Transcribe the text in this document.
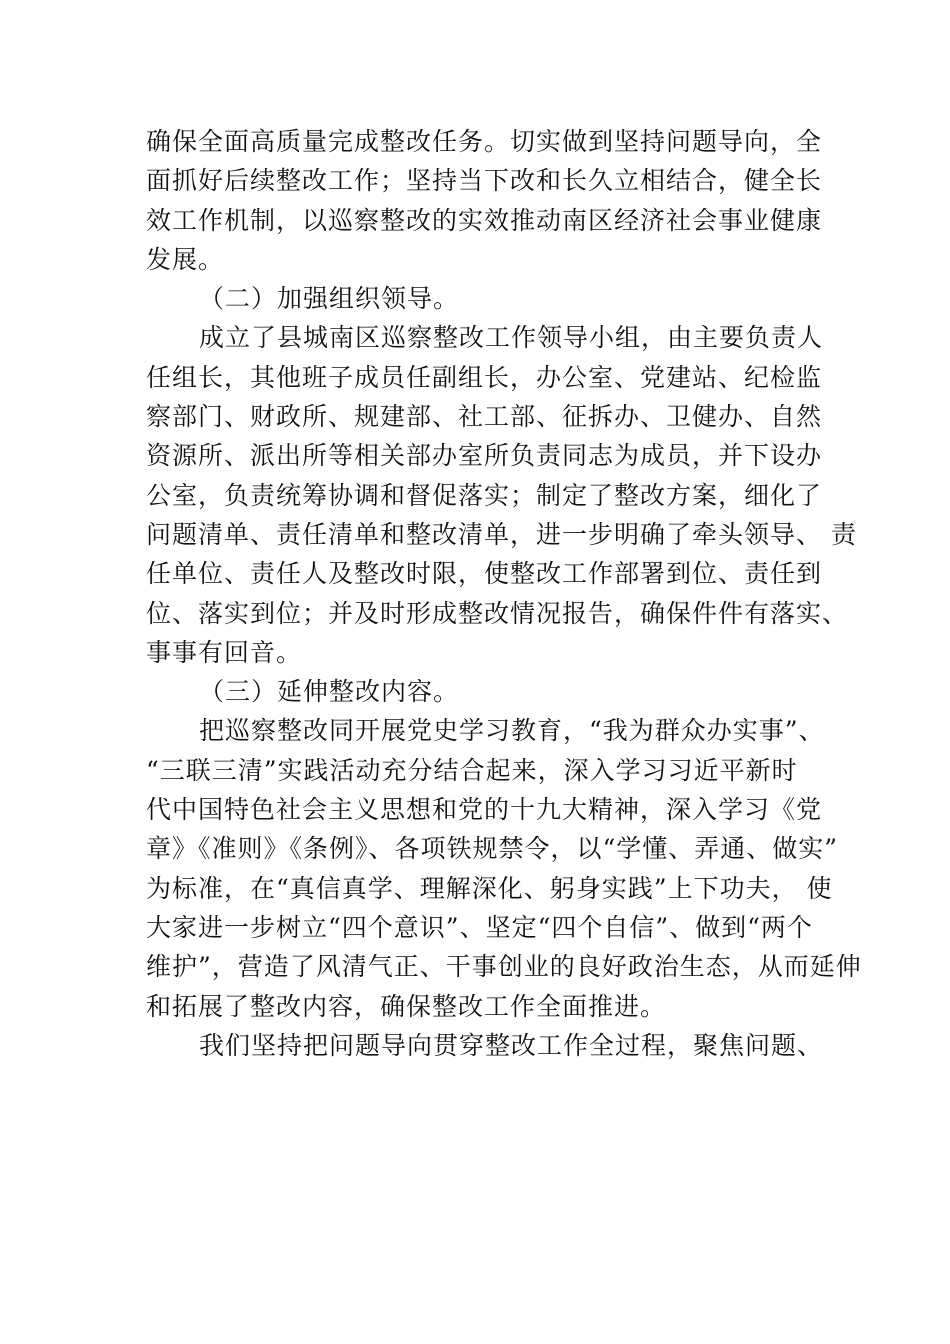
确保全面高质量完成整改任务。切实做到坚持问题导向，全
面抓好后续整改工作；坚持当下改和长久立相结合，健全长
效工作机制，以巡察整改的实效推动南区经济社会事业健康
发展。
（二）加强组织领导。
成立了县城南区巡察整改工作领导小组，由主要负责人
任组长，其他班子成员任副组长，办公室、党建站、纪检监
察部门、财政所、规建部、社工部、征拆办、卫健办、自然
资源所、派出所等相关部办室所负责同志为成员，并下设办
公室，负责统筹协调和督促落实；制定了整改方案，细化了
问题清单、责任清单和整改清单，进一步明确了牵头领导、 责
任单位、责任人及整改时限，使整改工作部署到位、责任到
位、落实到位；并及时形成整改情况报告，确保件件有落实、
事事有回音。
（三）延伸整改内容。
把巡察整改同开展党史学习教育，“我为群众办实事”、
“三联三清”实践活动充分结合起来，深入学习习近平新时
代中国特色社会主义思想和党的十九大精神，深入学习《党
章》《准则》《条例》、各项铁规禁令，以“学懂、弄通、做实”
为标准，在“真信真学、理解深化、躬身实践”上下功夫， 使
大家进一步树立“四个意识”、坚定“四个自信”、做到“两个
维护”，营造了风清气正、干事创业的良好政治生态，从而延伸
和拓展了整改内容，确保整改工作全面推进。
我们坚持把问题导向贯穿整改工作全过程，聚焦问题、
